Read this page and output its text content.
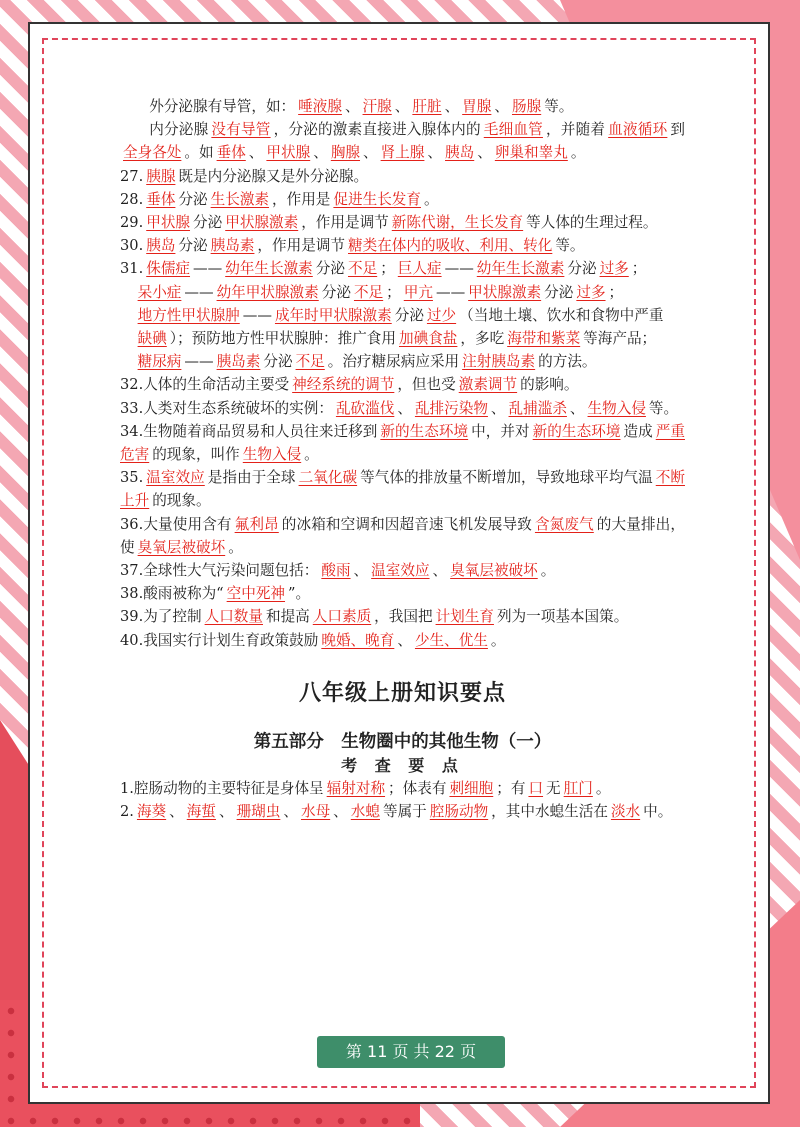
外分泌腺有导管，如： 唾液腺 、 汗腺 、 肝脏 、 胃腺 、 肠腺 等。

内分泌腺 没有导管 ，分泌的激素直接进入腺体内的 毛细血管 ，并随着 血液循环 到全身各处 。如 垂体 、 甲状腺 、 胸腺 、 肾上腺 、 胰岛 、 卵巢和睾丸 。

27. 胰腺 既是内分泌腺又是外分泌腺。

28. 垂体 分泌 生长激素 ，作用是 促进生长发育 。

29. 甲状腺 分泌 甲状腺激素 ，作用是调节 新陈代谢，生长发育 等人体的生理过程。

30. 胰岛 分泌 胰岛素 ，作用是调节 糖类在体内的吸收、利用、转化 等。

31. 侏儒症 —— 幼年生长激素 分泌 不足 ； 巨人症 —— 幼年生长激素 分泌 过多 ；

呆小症 —— 幼年甲状腺激素 分泌 不足 ； 甲亢 —— 甲状腺激素 分泌 过多 ；

地方性甲状腺肿 —— 成年时甲状腺激素 分泌 过少 （当地土壤、饮水和食物中严重

缺碘 ）；预防地方性甲状腺肿：推广食用 加碘食盐 ，多吃 海带和紫菜 等海产品；

糖尿病 —— 胰岛素 分泌 不足 。治疗糖尿病应采用 注射胰岛素 的方法。

32.人体的生命活动主要受 神经系统的调节 ，但也受 激素调节 的影响。

33.人类对生态系统破坏的实例： 乱砍滥伐 、 乱排污染物 、 乱捕滥杀 、 生物入侵 等。

34.生物随着商品贸易和人员往来迁移到 新的生态环境 中，并对 新的生态环境 造成 严重危害 的现象，叫作 生物入侵 。

35. 温室效应 是指由于全球 二氧化碳 等气体的排放量不断增加，导致地球平均气温 不断上升 的现象。

36.大量使用含有 氟利昂 的冰箱和空调和因超音速飞机发展导致 含氮废气 的大量排出，使 臭氧层被破坏 。

37.全球性大气污染问题包括： 酸雨 、 温室效应 、 臭氧层被破坏 。

38.酸雨被称为“ 空中死神 ”。

39.为了控制 人口数量 和提高 人口素质 ，我国把 计划生育 列为一项基本国策。

40.我国实行计划生育政策鼓励 晚婚、晚育 、 少生、优生 。

八年级上册知识要点
第五部分　生物圈中的其他生物（一）
考 查 要 点

1.腔肠动物的主要特征是身体呈 辐射对称 ；体表有 刺细胞 ；有 口 无 肛门 。

2. 海葵 、 海蜇 、 珊瑚虫 、 水母 、 水螅 等属于 腔肠动物 ，其中水螅生活在 淡水 中。

第 11 页 共 22 页
